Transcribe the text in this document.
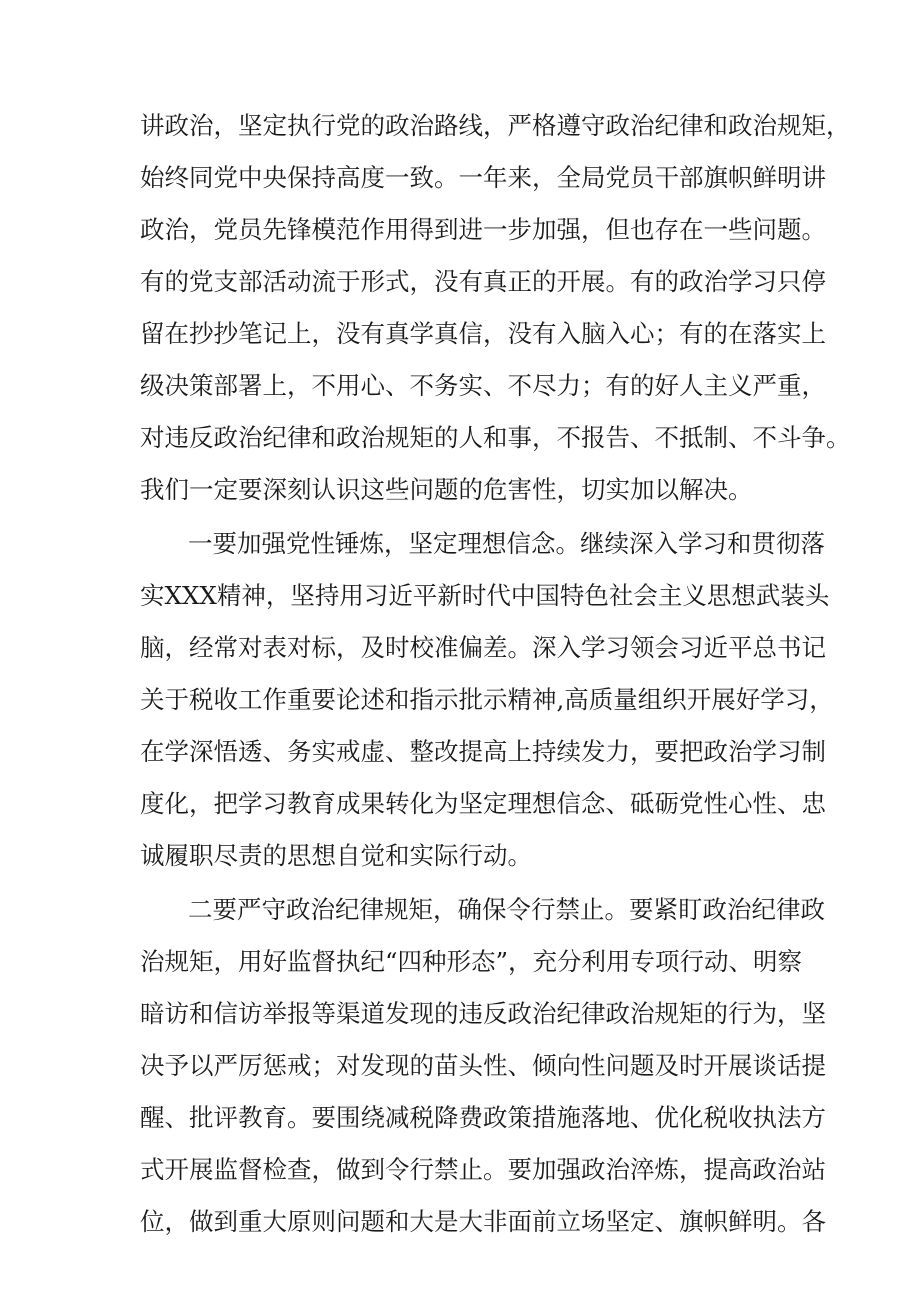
讲政治，坚定执行党的政治路线，严格遵守政治纪律和政治规矩，
始终同党中央保持高度一致。一年来，全局党员干部旗帜鲜明讲
政治，党员先锋模范作用得到进一步加强，但也存在一些问题。
有的党支部活动流于形式，没有真正的开展。有的政治学习只停
留在抄抄笔记上，没有真学真信，没有入脑入心；有的在落实上
级决策部署上，不用心、不务实、不尽力；有的好人主义严重，
对违反政治纪律和政治规矩的人和事，不报告、不抵制、不斗争。
我们一定要深刻认识这些问题的危害性，切实加以解决。
一要加强党性锤炼，坚定理想信念。继续深入学习和贯彻落
实XXX精神，坚持用习近平新时代中国特色社会主义思想武装头
脑，经常对表对标，及时校准偏差。深入学习领会习近平总书记
关于税收工作重要论述和指示批示精神,高质量组织开展好学习，
在学深悟透、务实戒虚、整改提高上持续发力，要把政治学习制
度化，把学习教育成果转化为坚定理想信念、砥砺党性心性、忠
诚履职尽责的思想自觉和实际行动。
二要严守政治纪律规矩，确保令行禁止。要紧盯政治纪律政
治规矩，用好监督执纪“四种形态”，充分利用专项行动、明察
暗访和信访举报等渠道发现的违反政治纪律政治规矩的行为，坚
决予以严厉惩戒；对发现的苗头性、倾向性问题及时开展谈话提
醒、批评教育。要围绕减税降费政策措施落地、优化税收执法方
式开展监督检查，做到令行禁止。要加强政治淬炼，提高政治站
位，做到重大原则问题和大是大非面前立场坚定、旗帜鲜明。各
